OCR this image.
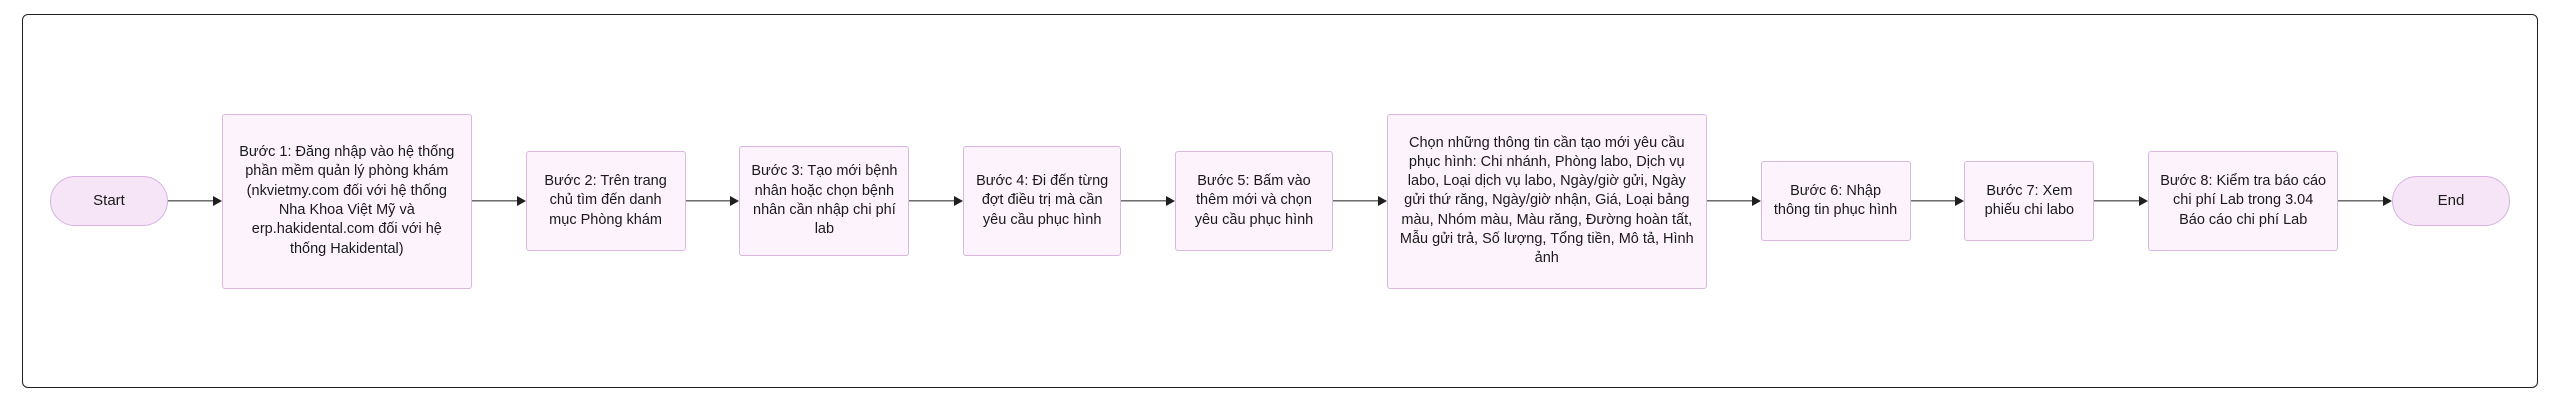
Start
Bước 1: Đăng nhập vào hệ thống phần mềm quản lý phòng khám (nkvietmy.com đối với hệ thống Nha Khoa Việt Mỹ và erp.hakidental.com đối với hệ thống Hakidental)
Bước 2: Trên trang chủ tìm đến danh mục Phòng khám
Bước 3: Tạo mới bệnh nhân hoặc chọn bệnh nhân cần nhập chi phí lab
Bước 4: Đi đến từng đợt điều trị mà cần yêu cầu phục hình
Bước 5: Bấm vào thêm mới và chọn yêu cầu phục hình
Chọn những thông tin cần tạo mới yêu cầu phục hình: Chi nhánh, Phòng labo, Dịch vụ labo, Loại dịch vụ labo, Ngày/giờ gửi, Ngày gửi thứ răng, Ngày/giờ nhận, Giá, Loại bảng màu, Nhóm màu, Màu răng, Đường hoàn tất, Mẫu gửi trả, Số lượng, Tổng tiền, Mô tả, Hình ảnh
Bước 6: Nhập thông tin phục hình
Bước 7: Xem phiếu chi labo
Bước 8: Kiểm tra báo cáo chi phí Lab trong 3.04 Báo cáo chi phí Lab
End
